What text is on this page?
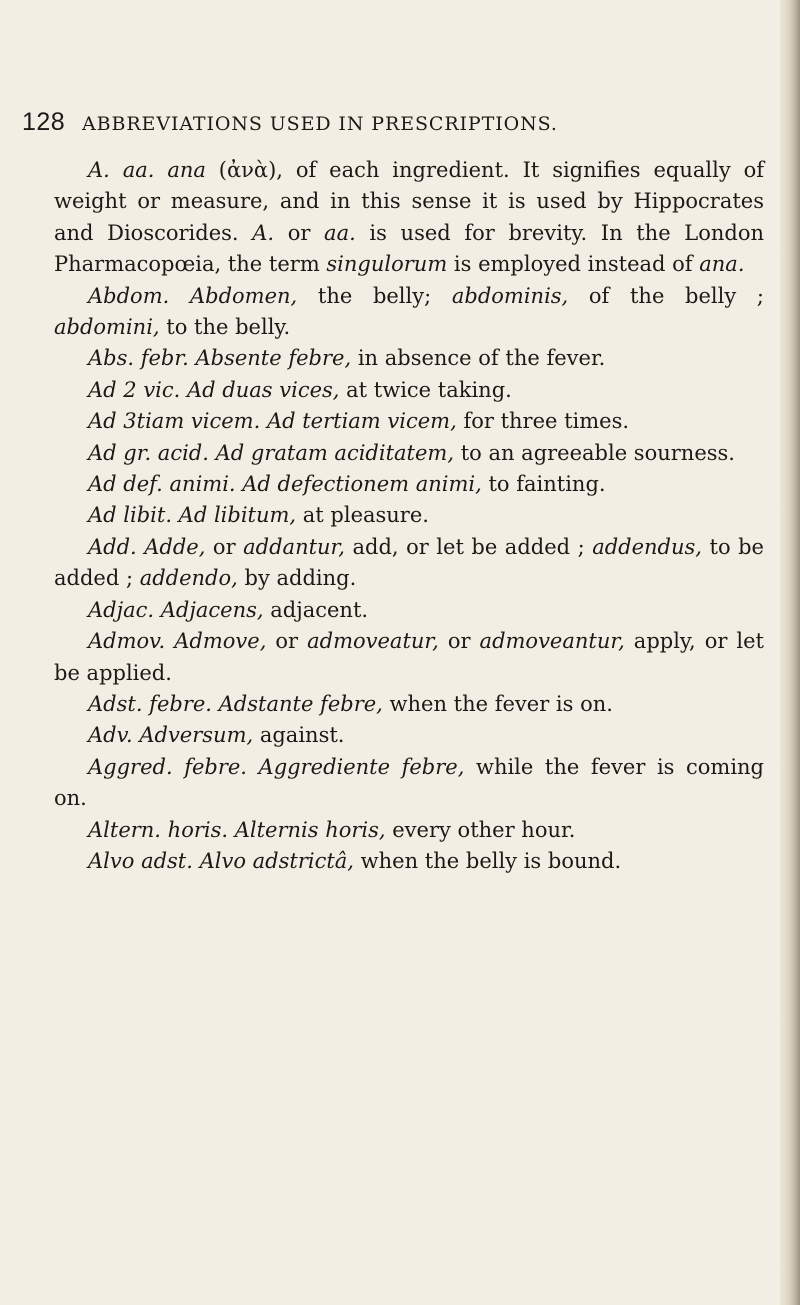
128 ABBREVIATIONS USED IN PRESCRIPTIONS.

A. aa. ana (ἀνὰ), of each ingredient. It signifies equally of weight or measure, and in this sense it is used by Hippocrates and Dioscorides. A. or aa. is used for brevity. In the London Pharmacopœia, the term singulorum is employed instead of ana.

Abdom. Abdomen, the belly; abdominis, of the belly ; abdomini, to the belly.

Abs. febr. Absente febre, in absence of the fever.

Ad 2 vic. Ad duas vices, at twice taking.

Ad 3tiam vicem. Ad tertiam vicem, for three times.

Ad gr. acid. Ad gratam aciditatem, to an agreeable sourness.

Ad def. animi. Ad defectionem animi, to fainting.

Ad libit. Ad libitum, at pleasure.

Add. Adde, or addantur, add, or let be added ; addendus, to be added ; addendo, by adding.

Adjac. Adjacens, adjacent.

Admov. Admove, or admoveatur, or admoveantur, apply, or let be applied.

Adst. febre. Adstante febre, when the fever is on.

Adv. Adversum, against.

Aggred. febre. Aggrediente febre, while the fever is coming on.

Altern. horis. Alternis horis, every other hour.

Alvo adst. Alvo adstrictâ, when the belly is bound.
